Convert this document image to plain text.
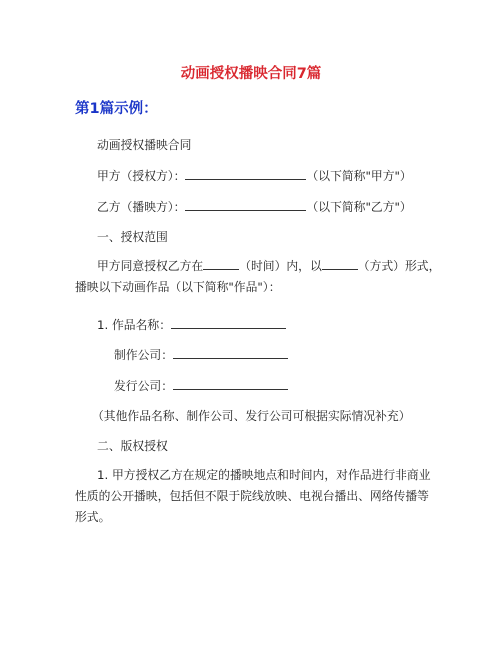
动画授权播映合同7篇
第1篇示例：
动画授权播映合同
甲方（授权方）：	（以下简称"甲方"）
乙方（播映方）：	（以下简称"乙方"）
一、授权范围
甲方同意授权乙方在	（时间）内，以	（方式）形式，
播映以下动画作品（以下简称"作品"）：
1. 作品名称：
制作公司：
发行公司：
（其他作品名称、制作公司、发行公司可根据实际情况补充）
二、版权授权
1. 甲方授权乙方在规定的播映地点和时间内，对作品进行非商业
性质的公开播映，包括但不限于院线放映、电视台播出、网络传播等
形式。
